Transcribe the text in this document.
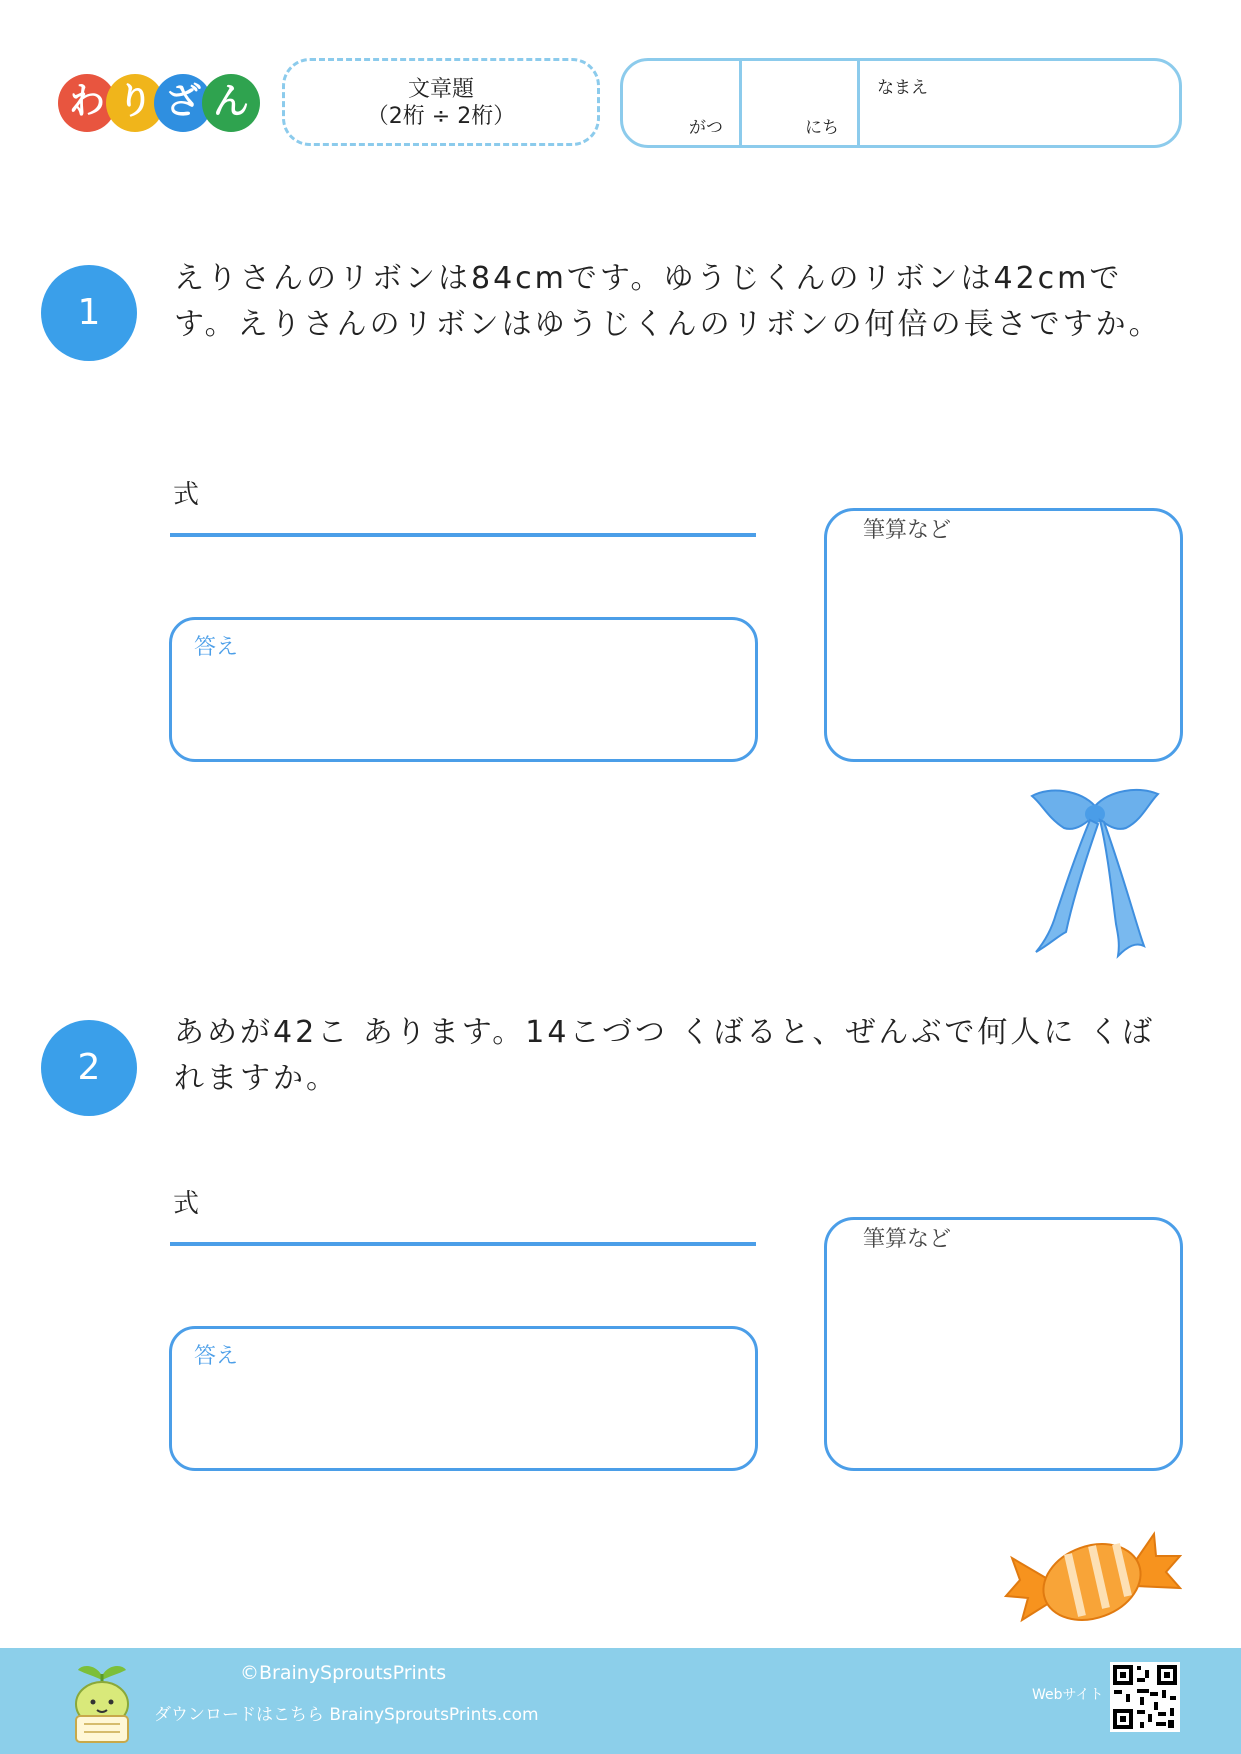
わ り ざ ん	文章題
（2桁 ÷ 2桁）	がつ	にち
なまえ
1
えりさんのリボンは84cmです。ゆうじくんのリボンは42cmです。えりさんのリボンはゆうじくんのリボンの何倍の長さですか。
式
答え
筆算など
2
あめが42こ あります。14こづつ くばると、ぜんぶで何人に くばれますか。
式
答え
筆算など
©BrainySproutsPrints
ダウンロードはこちら BrainySproutsPrints.com
Webサイト
